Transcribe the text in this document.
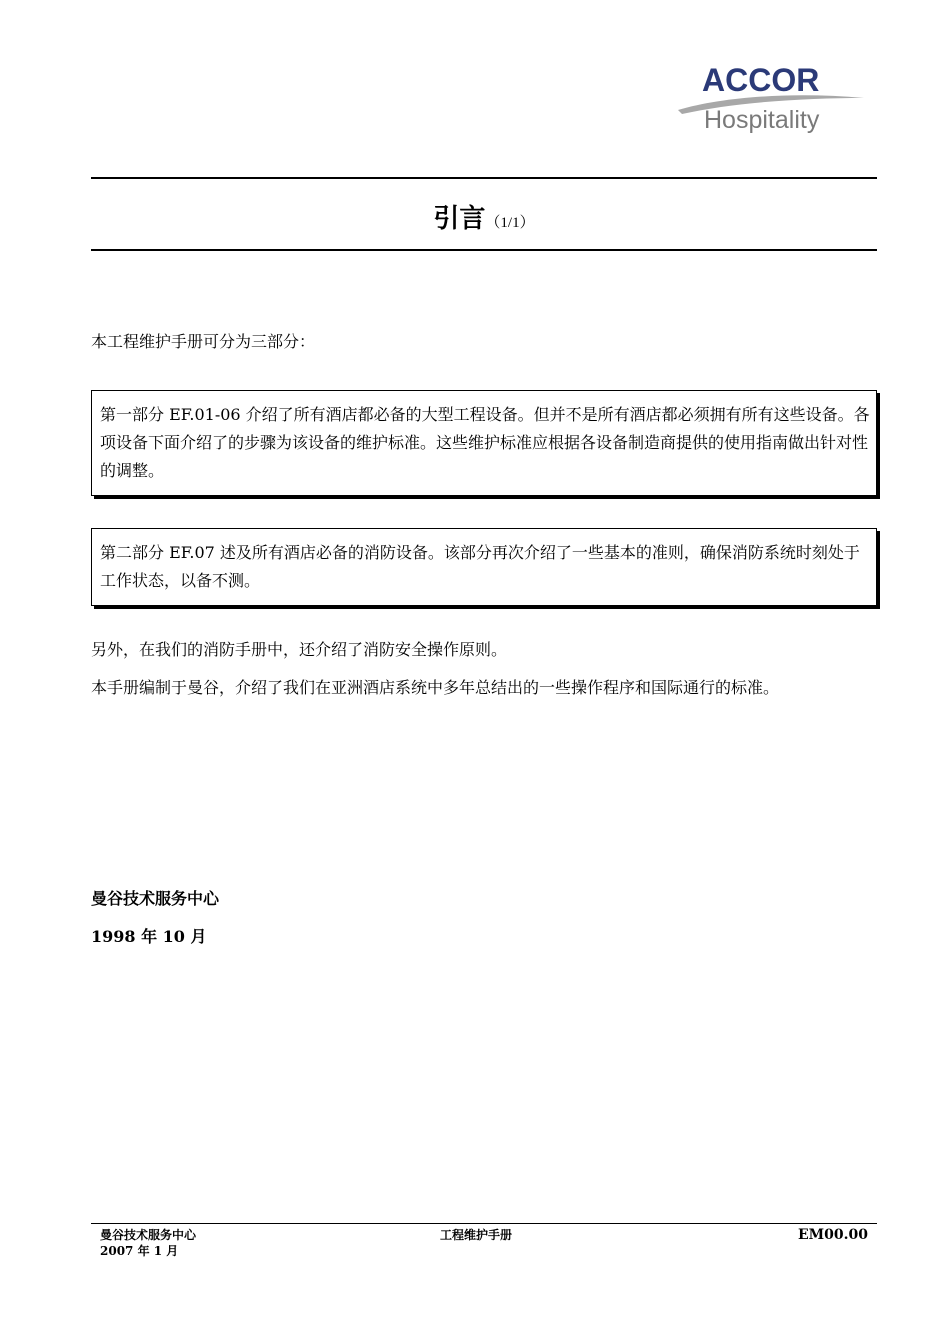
ACCOR
Hospitality
引言（1/1）
本工程维护手册可分为三部分：
第一部分 EF.01-06 介绍了所有酒店都必备的大型工程设备。但并不是所有酒店都必须拥有所有这些设备。各项设备下面介绍了的步骤为该设备的维护标准。这些维护标准应根据各设备制造商提供的使用指南做出针对性的调整。
第二部分 EF.07 述及所有酒店必备的消防设备。该部分再次介绍了一些基本的准则，确保消防系统时刻处于工作状态，以备不测。
另外，在我们的消防手册中，还介绍了消防安全操作原则。
本手册编制于曼谷，介绍了我们在亚洲酒店系统中多年总结出的一些操作程序和国际通行的标准。
曼谷技术服务中心
1998 年 10 月
曼谷技术服务中心
2007 年 1 月
工程维护手册	EM00.00
